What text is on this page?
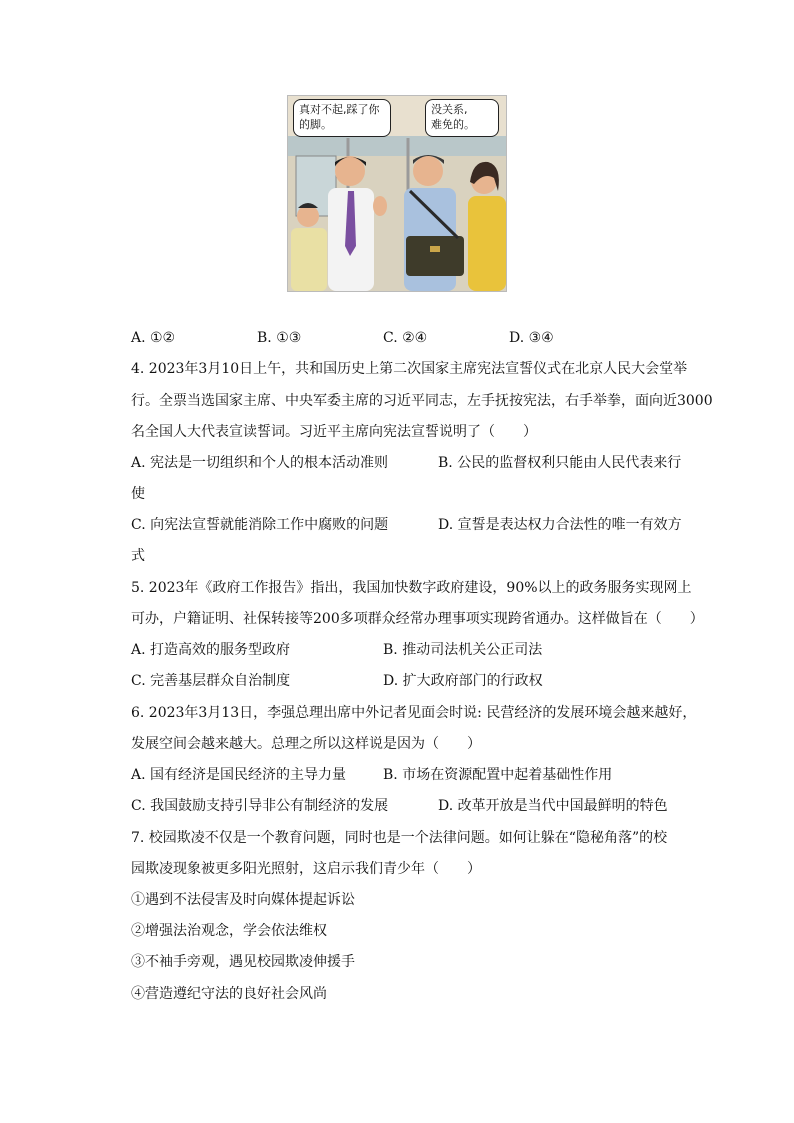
真对不起,踩了你
的脚。
没关系,
难免的。
A. ①②	B. ①③	C. ②④	D. ③④
4. 2023年3月10日上午，共和国历史上第二次国家主席宪法宣誓仪式在北京人民大会堂举
行。全票当选国家主席、中央军委主席的习近平同志，左手抚按宪法，右手举拳，面向近3000
名全国人大代表宣读誓词。习近平主席向宪法宣誓说明了（　　）
A. 宪法是一切组织和个人的根本活动准则	B. 公民的监督权利只能由人民代表来行
使
C. 向宪法宣誓就能消除工作中腐败的问题	D. 宣誓是表达权力合法性的唯一有效方
式
5. 2023年《政府工作报告》指出，我国加快数字政府建设，90%以上的政务服务实现网上
可办，户籍证明、社保转接等200多项群众经常办理事项实现跨省通办。这样做旨在（　　）
A. 打造高效的服务型政府	B. 推动司法机关公正司法
C. 完善基层群众自治制度	D. 扩大政府部门的行政权
6. 2023年3月13日，李强总理出席中外记者见面会时说: 民营经济的发展环境会越来越好，
发展空间会越来越大。总理之所以这样说是因为（　　）
A. 国有经济是国民经济的主导力量	B. 市场在资源配置中起着基础性作用
C. 我国鼓励支持引导非公有制经济的发展	D. 改革开放是当代中国最鲜明的特色
7. 校园欺凌不仅是一个教育问题，同时也是一个法律问题。如何让躲在“隐秘角落”的校
园欺凌现象被更多阳光照射，这启示我们青少年（　　）
①遇到不法侵害及时向媒体提起诉讼
②增强法治观念，学会依法维权
③不袖手旁观，遇见校园欺凌伸援手
④营造遵纪守法的良好社会风尚
